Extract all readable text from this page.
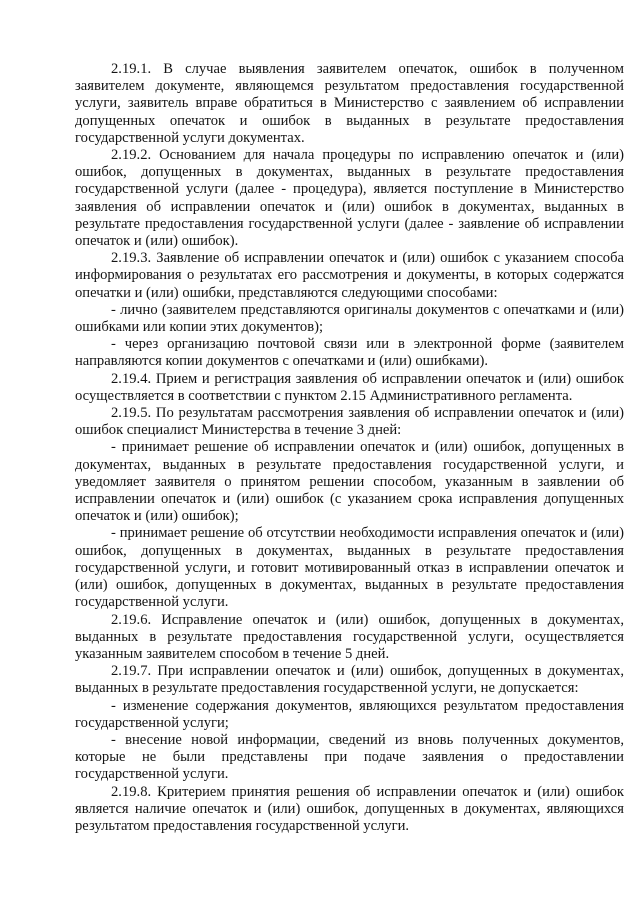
2.19.1. В случае выявления заявителем опечаток, ошибок в полученном заявителем документе, являющемся результатом предоставления государственной услуги, заявитель вправе обратиться в Министерство с заявлением об исправлении допущенных опечаток и ошибок в выданных в результате предоставления государственной услуги документах.

2.19.2. Основанием для начала процедуры по исправлению опечаток и (или) ошибок, допущенных в документах, выданных в результате предоставления государственной услуги (далее - процедура), является поступление в Министерство заявления об исправлении опечаток и (или) ошибок в документах, выданных в результате предоставления государственной услуги (далее - заявление об исправлении опечаток и (или) ошибок).

2.19.3. Заявление об исправлении опечаток и (или) ошибок с указанием способа информирования о результатах его рассмотрения и документы, в которых содержатся опечатки и (или) ошибки, представляются следующими способами:

- лично (заявителем представляются оригиналы документов с опечатками и (или) ошибками или копии этих документов);

- через организацию почтовой связи или в электронной форме (заявителем направляются копии документов с опечатками и (или) ошибками).

2.19.4. Прием и регистрация заявления об исправлении опечаток и (или) ошибок осуществляется в соответствии с пунктом 2.15 Административного регламента.

2.19.5. По результатам рассмотрения заявления об исправлении опечаток и (или) ошибок специалист Министерства в течение 3 дней:

- принимает решение об исправлении опечаток и (или) ошибок, допущенных в документах, выданных в результате предоставления государственной услуги, и уведомляет заявителя о принятом решении способом, указанным в заявлении об исправлении опечаток и (или) ошибок (с указанием срока исправления допущенных опечаток и (или) ошибок);

- принимает решение об отсутствии необходимости исправления опечаток и (или) ошибок, допущенных в документах, выданных в результате предоставления государственной услуги, и готовит мотивированный отказ в исправлении опечаток и (или) ошибок, допущенных в документах, выданных в результате предоставления государственной услуги.

2.19.6. Исправление опечаток и (или) ошибок, допущенных в документах, выданных в результате предоставления государственной услуги, осуществляется указанным заявителем способом в течение 5 дней.

2.19.7. При исправлении опечаток и (или) ошибок, допущенных в документах, выданных в результате предоставления государственной услуги, не допускается:

- изменение содержания документов, являющихся результатом предоставления государственной услуги;

- внесение новой информации, сведений из вновь полученных документов, которые не были представлены при подаче заявления о предоставлении государственной услуги.

2.19.8. Критерием принятия решения об исправлении опечаток и (или) ошибок является наличие опечаток и (или) ошибок, допущенных в документах, являющихся результатом предоставления государственной услуги.
